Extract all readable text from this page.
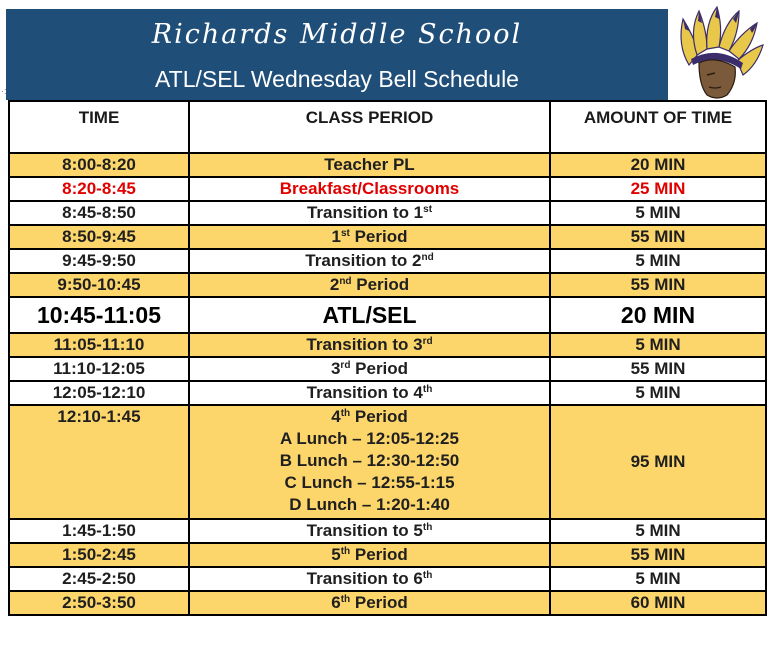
Richards Middle School
ATL/SEL Wednesday Bell Schedule
·:
TIME	CLASS PERIOD	AMOUNT OF TIME
8:00-8:20	Teacher PL	20 MIN
8:20-8:45	Breakfast/Classrooms	25 MIN
8:45-8:50	Transition to 1st	5 MIN
8:50-9:45	1st Period	55 MIN
9:45-9:50	Transition to 2nd	5 MIN
9:50-10:45	2nd Period	55 MIN
10:45-11:05	ATL/SEL	20 MIN
11:05-11:10	Transition to 3rd	5 MIN
11:10-12:05	3rd Period	55 MIN
12:05-12:10	Transition to 4th	5 MIN
12:10-1:45	4th Period
A Lunch – 12:05-12:25
B Lunch – 12:30-12:50
C Lunch – 12:55-1:15
D Lunch – 1:20-1:40	95 MIN
1:45-1:50	Transition to 5th	5 MIN
1:50-2:45	5th Period	55 MIN
2:45-2:50	Transition to 6th	5 MIN
2:50-3:50	6th Period	60 MIN
